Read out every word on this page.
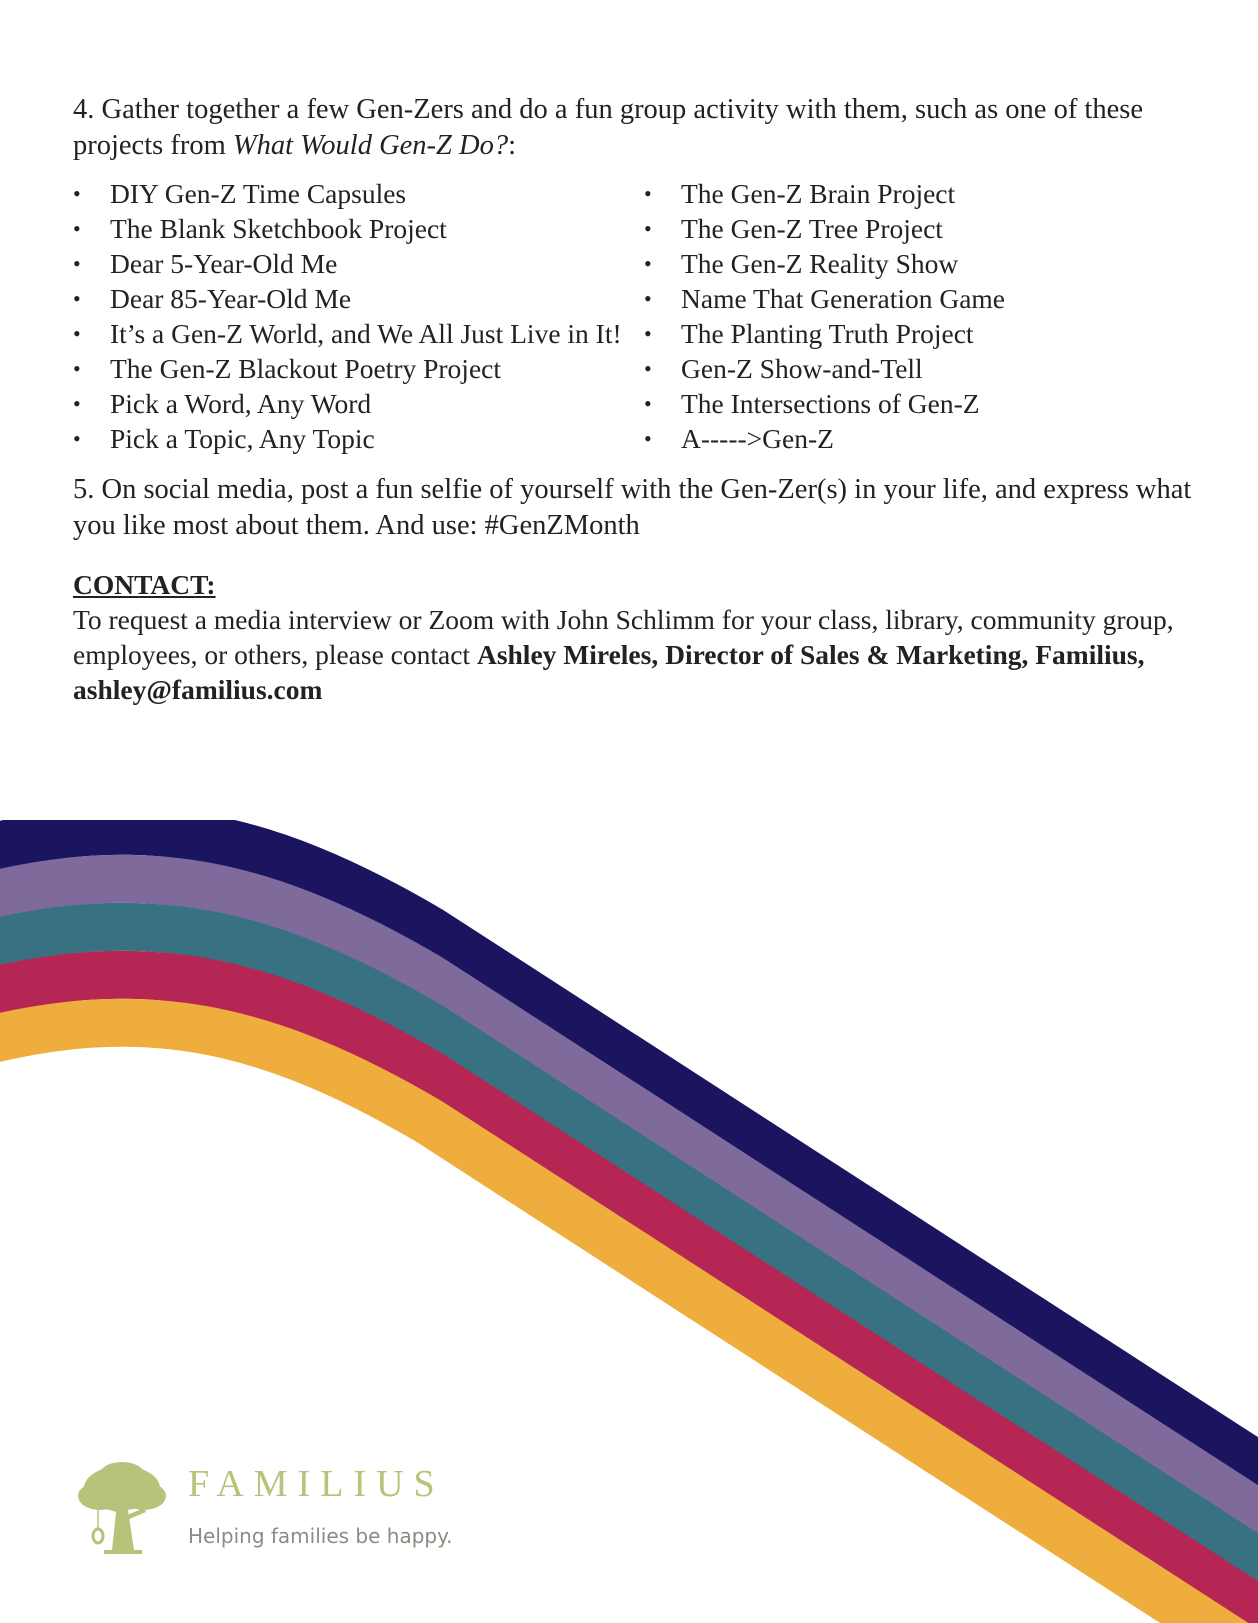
4. Gather together a few Gen-Zers and do a fun group activity with them, such as one of these projects from What Would Gen-Z Do?:

• DIY Gen-Z Time Capsules
• The Blank Sketchbook Project
• Dear 5-Year-Old Me
• Dear 85-Year-Old Me
• It’s a Gen-Z World, and We All Just Live in It!
• The Gen-Z Blackout Poetry Project
• Pick a Word, Any Word
• Pick a Topic, Any Topic
• The Gen-Z Brain Project
• The Gen-Z Tree Project
• The Gen-Z Reality Show
• Name That Generation Game
• The Planting Truth Project
• Gen-Z Show-and-Tell
• The Intersections of Gen-Z
• A----->Gen-Z

5. On social media, post a fun selfie of yourself with the Gen-Zer(s) in your life, and express what you like most about them. And use: #GenZMonth

CONTACT:

To request a media interview or Zoom with John Schlimm for your class, library, community group, employees, or others, please contact Ashley Mireles, Director of Sales & Marketing, Familius,
ashley@familius.com

FAMILIUS
Helping families be happy.
